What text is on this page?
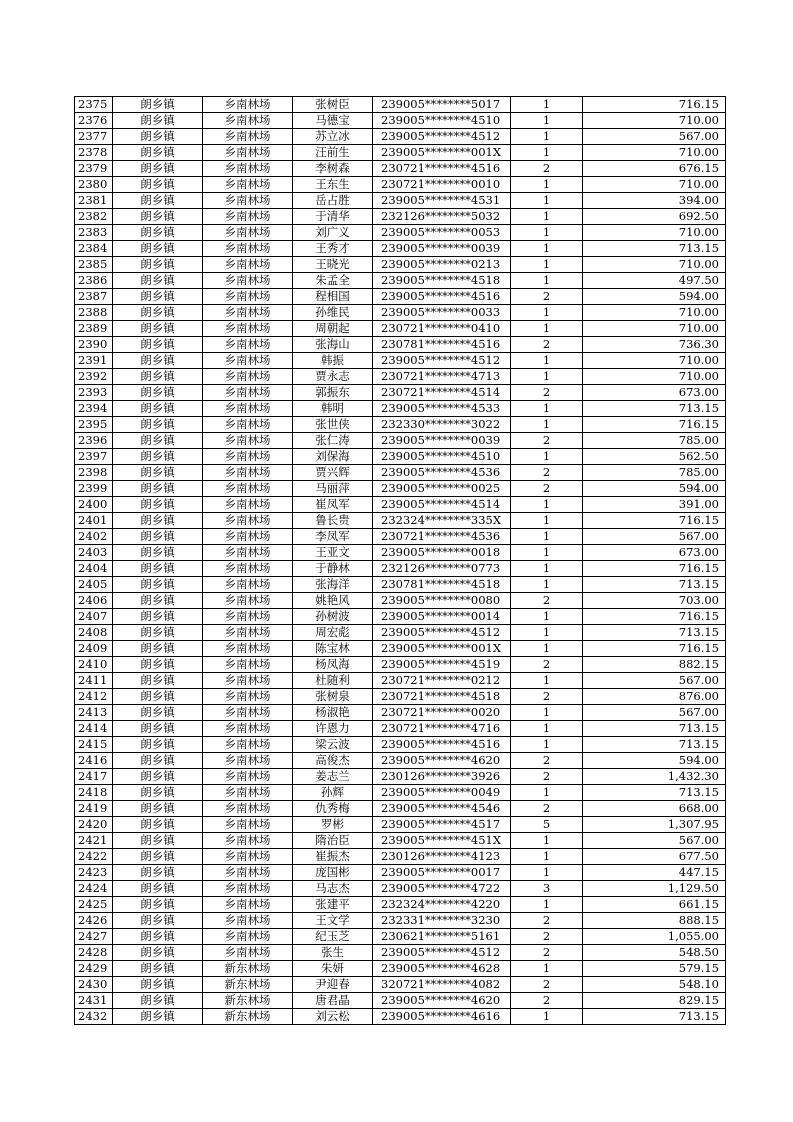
2375	朗乡镇	乡南林场	张树臣	239005********5017	1	716.15
2376	朗乡镇	乡南林场	马德宝	239005********4510	1	710.00
2377	朗乡镇	乡南林场	苏立冰	239005********4512	1	567.00
2378	朗乡镇	乡南林场	汪前生	239005********001X	1	710.00
2379	朗乡镇	乡南林场	李树森	230721********4516	2	676.15
2380	朗乡镇	乡南林场	王东生	230721********0010	1	710.00
2381	朗乡镇	乡南林场	岳占胜	239005********4531	1	394.00
2382	朗乡镇	乡南林场	于清华	232126********5032	1	692.50
2383	朗乡镇	乡南林场	刘广义	239005********0053	1	710.00
2384	朗乡镇	乡南林场	王秀才	239005********0039	1	713.15
2385	朗乡镇	乡南林场	王晓光	239005********0213	1	710.00
2386	朗乡镇	乡南林场	朱孟全	239005********4518	1	497.50
2387	朗乡镇	乡南林场	程相国	239005********4516	2	594.00
2388	朗乡镇	乡南林场	孙维民	239005********0033	1	710.00
2389	朗乡镇	乡南林场	周朝起	230721********0410	1	710.00
2390	朗乡镇	乡南林场	张海山	230781********4516	2	736.30
2391	朗乡镇	乡南林场	韩振	239005********4512	1	710.00
2392	朗乡镇	乡南林场	贾永志	230721********4713	1	710.00
2393	朗乡镇	乡南林场	郭振东	230721********4514	2	673.00
2394	朗乡镇	乡南林场	韩明	239005********4533	1	713.15
2395	朗乡镇	乡南林场	张世侠	232330********3022	1	716.15
2396	朗乡镇	乡南林场	张仁涛	239005********0039	2	785.00
2397	朗乡镇	乡南林场	刘保海	239005********4510	1	562.50
2398	朗乡镇	乡南林场	贾兴辉	239005********4536	2	785.00
2399	朗乡镇	乡南林场	马丽萍	239005********0025	2	594.00
2400	朗乡镇	乡南林场	崔凤军	239005********4514	1	391.00
2401	朗乡镇	乡南林场	鲁长贵	232324********335X	1	716.15
2402	朗乡镇	乡南林场	李凤军	230721********4536	1	567.00
2403	朗乡镇	乡南林场	王亚文	239005********0018	1	673.00
2404	朗乡镇	乡南林场	于静林	232126********0773	1	716.15
2405	朗乡镇	乡南林场	张海洋	230781********4518	1	713.15
2406	朗乡镇	乡南林场	姚艳风	239005********0080	2	703.00
2407	朗乡镇	乡南林场	孙树波	239005********0014	1	716.15
2408	朗乡镇	乡南林场	周宏彪	239005********4512	1	713.15
2409	朗乡镇	乡南林场	陈宝林	239005********001X	1	716.15
2410	朗乡镇	乡南林场	杨凤海	239005********4519	2	882.15
2411	朗乡镇	乡南林场	杜随利	230721********0212	1	567.00
2412	朗乡镇	乡南林场	张树泉	230721********4518	2	876.00
2413	朗乡镇	乡南林场	杨淑艳	230721********0020	1	567.00
2414	朗乡镇	乡南林场	许恩力	230721********4716	1	713.15
2415	朗乡镇	乡南林场	梁云波	239005********4516	1	713.15
2416	朗乡镇	乡南林场	高俊杰	239005********4620	2	594.00
2417	朗乡镇	乡南林场	姜志兰	230126********3926	2	1,432.30
2418	朗乡镇	乡南林场	孙辉	239005********0049	1	713.15
2419	朗乡镇	乡南林场	仇秀梅	239005********4546	2	668.00
2420	朗乡镇	乡南林场	罗彬	239005********4517	5	1,307.95
2421	朗乡镇	乡南林场	隋治臣	239005********451X	1	567.00
2422	朗乡镇	乡南林场	崔振杰	230126********4123	1	677.50
2423	朗乡镇	乡南林场	庞国彬	239005********0017	1	447.15
2424	朗乡镇	乡南林场	马志杰	239005********4722	3	1,129.50
2425	朗乡镇	乡南林场	张建平	232324********4220	1	661.15
2426	朗乡镇	乡南林场	王文学	232331********3230	2	888.15
2427	朗乡镇	乡南林场	纪玉芝	230621********5161	2	1,055.00
2428	朗乡镇	乡南林场	张生	239005********4512	2	548.50
2429	朗乡镇	新东林场	朱妍	239005********4628	1	579.15
2430	朗乡镇	新东林场	尹迎春	320721********4082	2	548.10
2431	朗乡镇	新东林场	唐君晶	239005********4620	2	829.15
2432	朗乡镇	新东林场	刘云松	239005********4616	1	713.15
